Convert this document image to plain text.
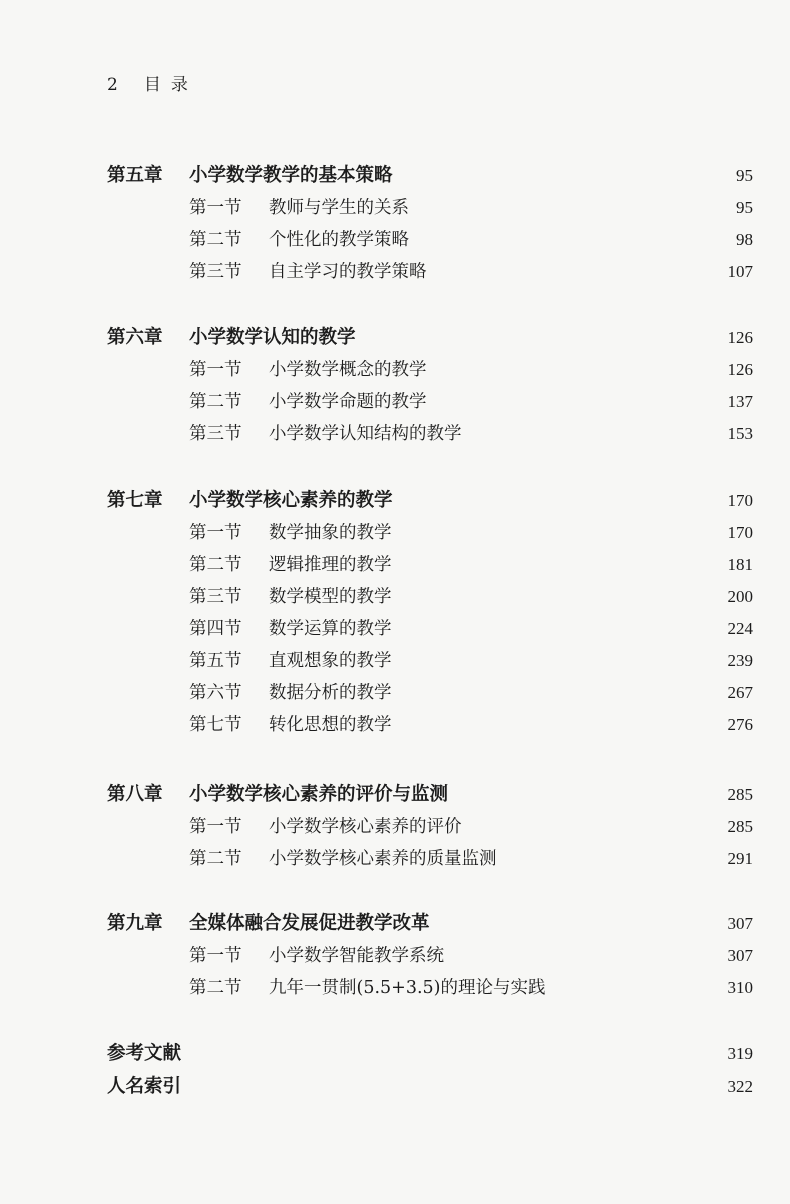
2 目录
第五章 小学数学教学的基本策略	95
第一节 教师与学生的关系	95
第二节 个性化的教学策略	98
第三节 自主学习的教学策略	107
第六章 小学数学认知的教学	126
第一节 小学数学概念的教学	126
第二节 小学数学命题的教学	137
第三节 小学数学认知结构的教学	153
第七章 小学数学核心素养的教学	170
第一节 数学抽象的教学	170
第二节 逻辑推理的教学	181
第三节 数学模型的教学	200
第四节 数学运算的教学	224
第五节 直观想象的教学	239
第六节 数据分析的教学	267
第七节 转化思想的教学	276
第八章 小学数学核心素养的评价与监测	285
第一节 小学数学核心素养的评价	285
第二节 小学数学核心素养的质量监测	291
第九章 全媒体融合发展促进教学改革	307
第一节 小学数学智能教学系统	307
第二节 九年一贯制(5.5+3.5)的理论与实践	310
参考文献	319
人名索引	322
